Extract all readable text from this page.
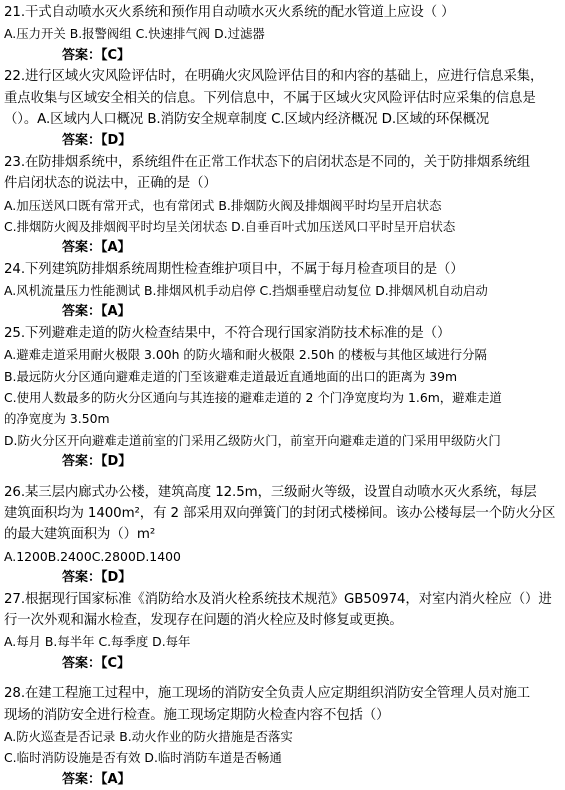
21.干式自动喷水灭火系统和预作用自动喷水灭火系统的配水管道上应设（ ）
A.压力开关 B.报警阀组 C.快速排气阀 D.过滤器
答案：【C】
22.进行区域火灾风险评估时，在明确火灾风险评估目的和内容的基础上，应进行信息采集，
重点收集与区域安全相关的信息。下列信息中，不属于区域火灾风险评估时应采集的信息是
（）。A.区域内人口概况 B.消防安全规章制度 C.区域内经济概况 D.区域的环保概况
答案：【D】
23.在防排烟系统中，系统组件在正常工作状态下的启闭状态是不同的，关于防排烟系统组
件启闭状态的说法中，正确的是（）
A.加压送风口既有常开式，也有常闭式 B.排烟防火阀及排烟阀平时均呈开启状态
C.排烟防火阀及排烟阀平时均呈关闭状态 D.自垂百叶式加压送风口平时呈开启状态
答案：【A】
24.下列建筑防排烟系统周期性检查维护项目中，不属于每月检查项目的是（）
A.风机流量压力性能测试 B.排烟风机手动启停 C.挡烟垂壁启动复位 D.排烟风机自动启动
答案：【A】
25.下列避难走道的防火检查结果中，不符合现行国家消防技术标准的是（）
A.避难走道采用耐火极限 3.00h 的防火墙和耐火极限 2.50h 的楼板与其他区域进行分隔
B.最远防火分区通向避难走道的门至该避难走道最近直通地面的出口的距离为 39m
C.使用人数最多的防火分区通向与其连接的避难走道的 2 个门净宽度均为 1.6m，避难走道
的净宽度为 3.50m
D.防火分区开向避难走道前室的门采用乙级防火门，前室开向避难走道的门采用甲级防火门
答案：【D】
26.某三层内廊式办公楼，建筑高度 12.5m，三级耐火等级，设置自动喷水灭火系统，每层
建筑面积均为 1400m²，有 2 部采用双向弹簧门的封闭式楼梯间。该办公楼每层一个防火分区
的最大建筑面积为（）m²
A.1200B.2400C.2800D.1400
答案：【D】
27.根据现行国家标准《消防给水及消火栓系统技术规范》GB50974，对室内消火栓应（）进
行一次外观和漏水检查，发现存在问题的消火栓应及时修复或更换。
A.每月 B.每半年 C.每季度 D.每年
答案：【C】
28.在建工程施工过程中，施工现场的消防安全负责人应定期组织消防安全管理人员对施工
现场的消防安全进行检查。施工现场定期防火检查内容不包括（）
A.防火巡查是否记录 B.动火作业的防火措施是否落实
C.临时消防设施是否有效 D.临时消防车道是否畅通
答案：【A】
